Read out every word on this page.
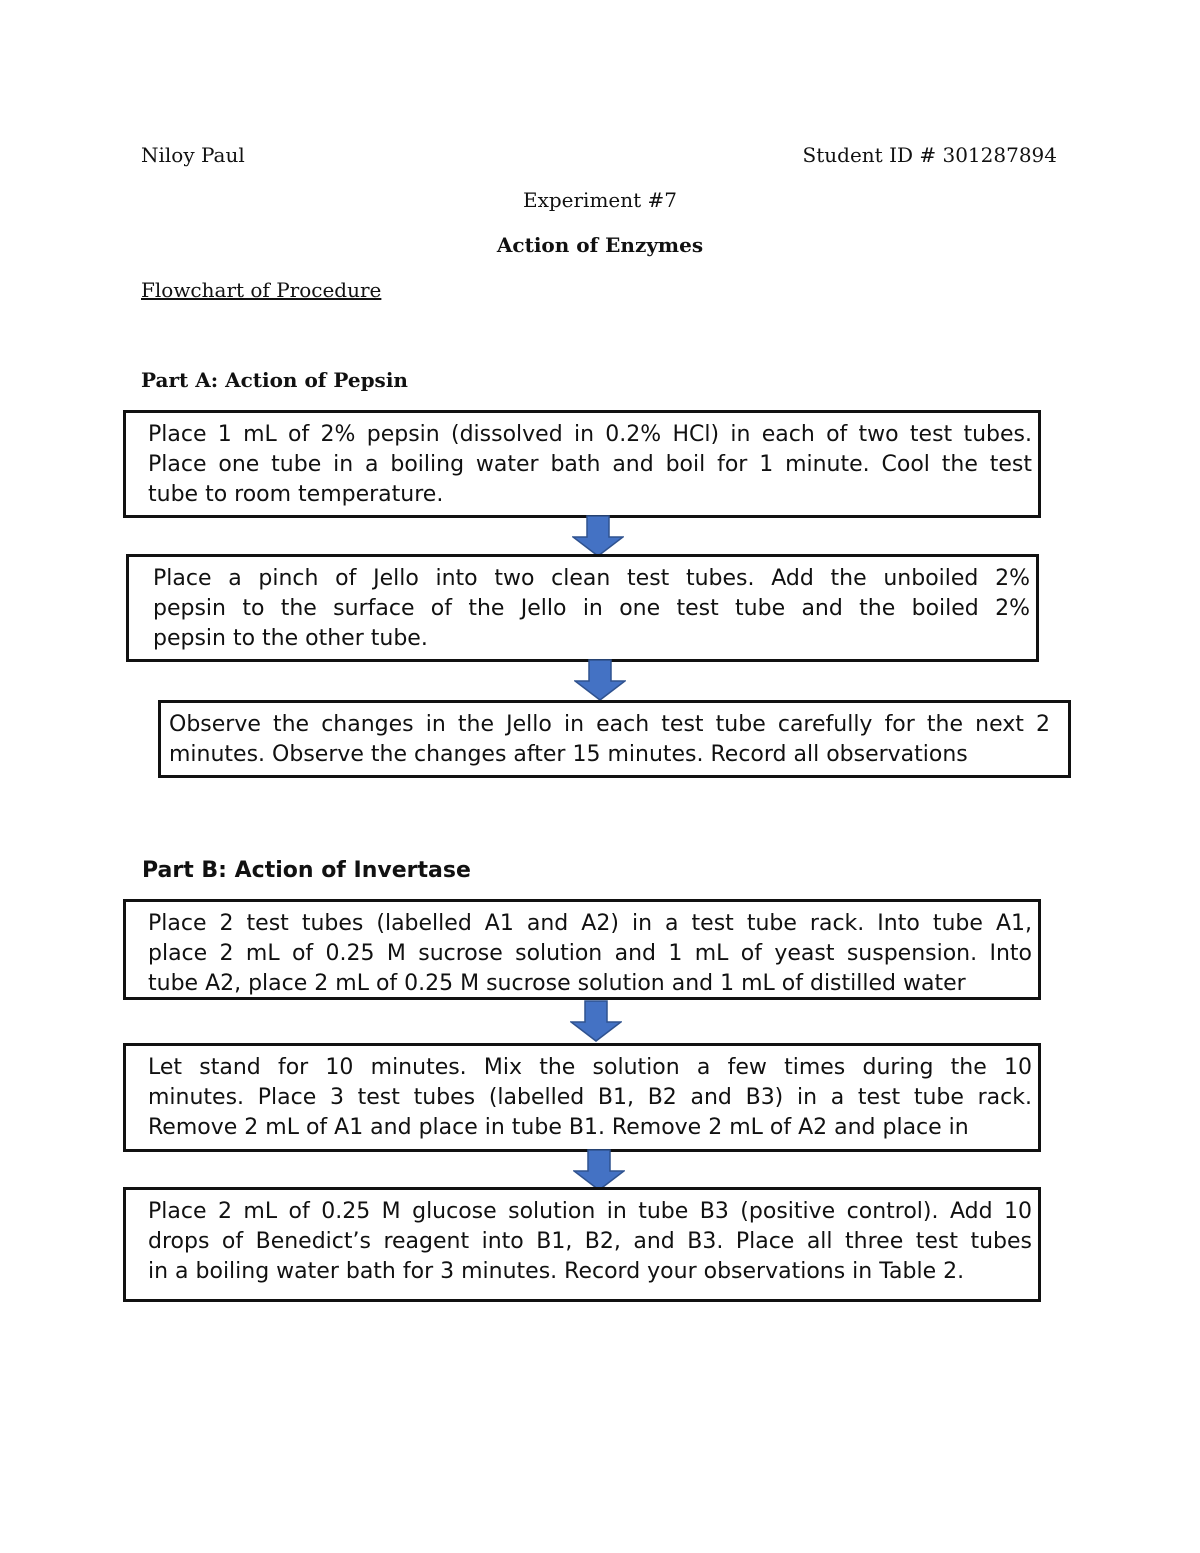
Niloy Paul	Student ID # 301287894
Experiment #7
Action of Enzymes
Flowchart of Procedure
Part A: Action of Pepsin
Place 1 mL of 2% pepsin (dissolved in 0.2% HCl) in each of two test tubes.
Place one tube in a boiling water bath and boil for 1 minute. Cool the test
tube to room temperature.
Place a pinch of Jello into two clean test tubes. Add the unboiled 2%
pepsin to the surface of the Jello in one test tube and the boiled 2%
pepsin to the other tube.
Observe the changes in the Jello in each test tube carefully for the next 2
minutes. Observe the changes after 15 minutes. Record all observations
Part B: Action of Invertase
Place 2 test tubes (labelled A1 and A2) in a test tube rack. Into tube A1,
place 2 mL of 0.25 M sucrose solution and 1 mL of yeast suspension. Into
tube A2, place 2 mL of 0.25 M sucrose solution and 1 mL of distilled water
Let stand for 10 minutes. Mix the solution a few times during the 10
minutes. Place 3 test tubes (labelled B1, B2 and B3) in a test tube rack.
Remove 2 mL of A1 and place in tube B1. Remove 2 mL of A2 and place in
Place 2 mL of 0.25 M glucose solution in tube B3 (positive control). Add 10
drops of Benedict’s reagent into B1, B2, and B3. Place all three test tubes
in a boiling water bath for 3 minutes. Record your observations in Table 2.
